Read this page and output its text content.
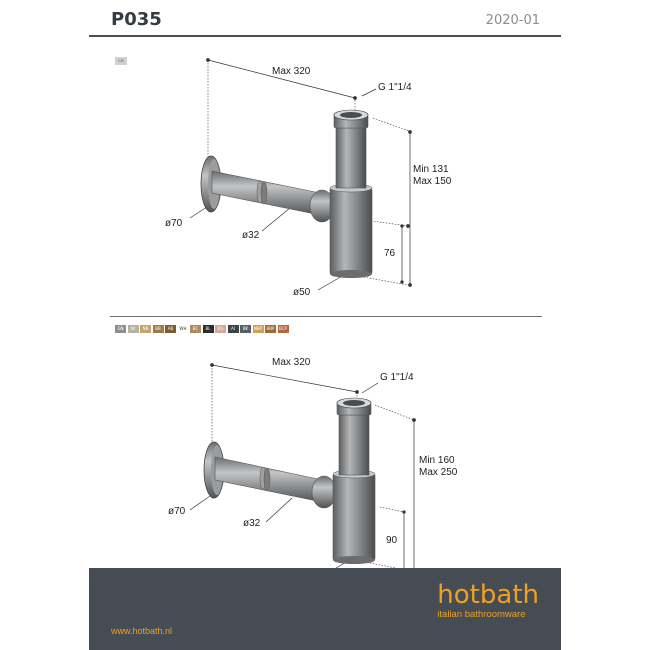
P035	2020-01
CR
Max 320
G 1"1/4
Min 131
Max 150
ø70
ø32
76
ø50
GN	NI	NB	BB	AB	WH	BC	BL	RG	AI	BK	NBP	BBP	BCP
Max 320
G 1"1/4
Min 160
Max 250
ø70
ø32
90
www.hotbath.nl
hotbath
italian bathroomware
